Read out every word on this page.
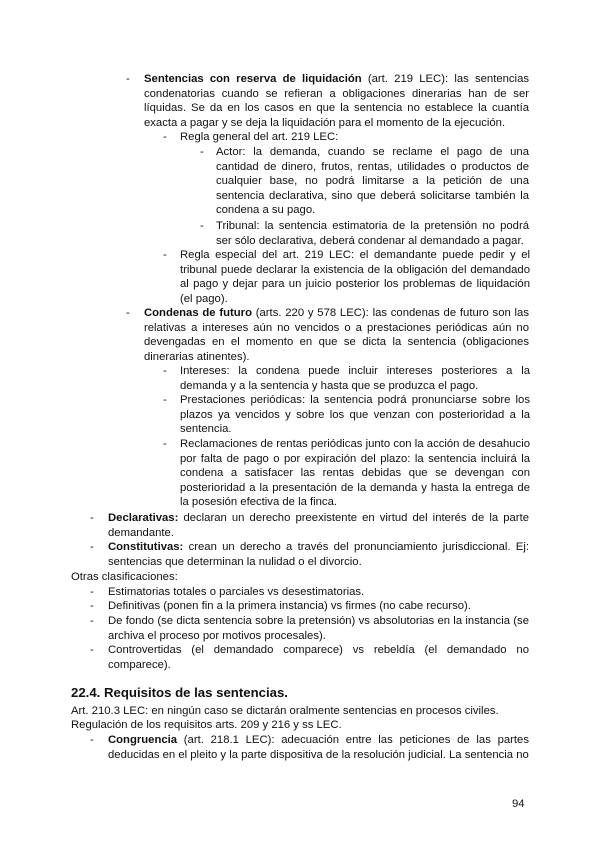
- Sentencias con reserva de liquidación (art. 219 LEC): las sentencias condenatorias cuando se refieran a obligaciones dinerarias han de ser líquidas. Se da en los casos en que la sentencia no establece la cuantía exacta a pagar y se deja la liquidación para el momento de la ejecución.

- Regla general del art. 219 LEC:

- Actor: la demanda, cuando se reclame el pago de una cantidad de dinero, frutos, rentas, utilidades o productos de cualquier base, no podrá limitarse a la petición de una sentencia declarativa, sino que deberá solicitarse también la condena a su pago.

- Tribunal: la sentencia estimatoria de la pretensión no podrá ser sólo declarativa, deberá condenar al demandado a pagar.

- Regla especial del art. 219 LEC: el demandante puede pedir y el tribunal puede declarar la existencia de la obligación del demandado al pago y dejar para un juicio posterior los problemas de liquidación (el pago).

- Condenas de futuro (arts. 220 y 578 LEC): las condenas de futuro son las relativas a intereses aún no vencidos o a prestaciones periódicas aún no devengadas en el momento en que se dicta la sentencia (obligaciones dinerarias atinentes).

- Intereses: la condena puede incluir intereses posteriores a la demanda y a la sentencia y hasta que se produzca el pago.

- Prestaciones periódicas: la sentencia podrá pronunciarse sobre los plazos ya vencidos y sobre los que venzan con posterioridad a la sentencia.

- Reclamaciones de rentas periódicas junto con la acción de desahucio por falta de pago o por expiración del plazo: la sentencia incluirá la condena a satisfacer las rentas debidas que se devengan con posterioridad a la presentación de la demanda y hasta la entrega de la posesión efectiva de la finca.

- Declarativas: declaran un derecho preexistente en virtud del interés de la parte demandante.

- Constitutivas: crean un derecho a través del pronunciamiento jurisdiccional. Ej: sentencias que determinan la nulidad o el divorcio.

Otras clasificaciones:

- Estimatorias totales o parciales vs desestimatorias.

- Definitivas (ponen fin a la primera instancia) vs firmes (no cabe recurso).

- De fondo (se dicta sentencia sobre la pretensión) vs absolutorias en la instancia (se archiva el proceso por motivos procesales).

- Controvertidas (el demandado comparece) vs rebeldía (el demandado no comparece).

22.4. Requisitos de las sentencias.

Art. 210.3 LEC: en ningún caso se dictarán oralmente sentencias en procesos civiles.

Regulación de los requisitos arts. 209 y 216 y ss LEC.

- Congruencia (art. 218.1 LEC): adecuación entre las peticiones de las partes deducidas en el pleito y la parte dispositiva de la resolución judicial. La sentencia no

94
